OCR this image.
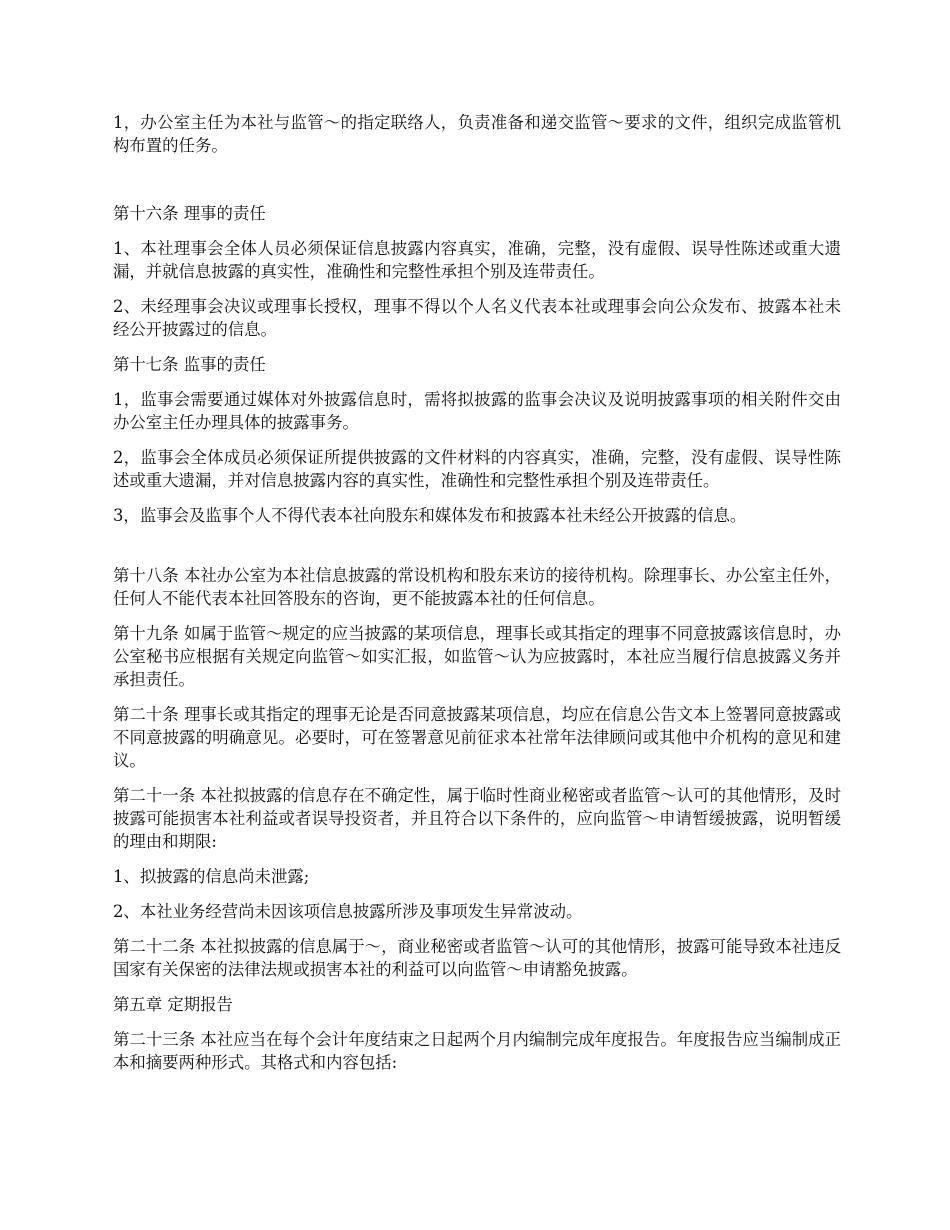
1，办公室主任为本社与监管～的指定联络人，负责准备和递交监管～要求的文件，组织完成监管机构布置的任务。

第十六条 理事的责任

1、本社理事会全体人员必须保证信息披露内容真实，准确，完整，没有虚假、误导性陈述或重大遗漏，并就信息披露的真实性，准确性和完整性承担个别及连带责任。

2、未经理事会决议或理事长授权，理事不得以个人名义代表本社或理事会向公众发布、披露本社未经公开披露过的信息。

第十七条 监事的责任

1，监事会需要通过媒体对外披露信息时，需将拟披露的监事会决议及说明披露事项的相关附件交由办公室主任办理具体的披露事务。

2，监事会全体成员必须保证所提供披露的文件材料的内容真实，准确，完整，没有虚假、误导性陈述或重大遗漏，并对信息披露内容的真实性，准确性和完整性承担个别及连带责任。

3，监事会及监事个人不得代表本社向股东和媒体发布和披露本社未经公开披露的信息。

第十八条 本社办公室为本社信息披露的常设机构和股东来访的接待机构。除理事长、办公室主任外，任何人不能代表本社回答股东的咨询，更不能披露本社的任何信息。

第十九条 如属于监管～规定的应当披露的某项信息，理事长或其指定的理事不同意披露该信息时，办公室秘书应根据有关规定向监管～如实汇报，如监管～认为应披露时，本社应当履行信息披露义务并承担责任。

第二十条 理事长或其指定的理事无论是否同意披露某项信息，均应在信息公告文本上签署同意披露或不同意披露的明确意见。必要时，可在签署意见前征求本社常年法律顾问或其他中介机构的意见和建议。

第二十一条 本社拟披露的信息存在不确定性，属于临时性商业秘密或者监管～认可的其他情形，及时披露可能损害本社利益或者误导投资者，并且符合以下条件的，应向监管～申请暂缓披露，说明暂缓的理由和期限:

1、拟披露的信息尚未泄露;

2、本社业务经营尚未因该项信息披露所涉及事项发生异常波动。

第二十二条 本社拟披露的信息属于～，商业秘密或者监管～认可的其他情形，披露可能导致本社违反国家有关保密的法律法规或损害本社的利益可以向监管～申请豁免披露。

第五章 定期报告

第二十三条 本社应当在每个会计年度结束之日起两个月内编制完成年度报告。年度报告应当编制成正本和摘要两种形式。其格式和内容包括:
